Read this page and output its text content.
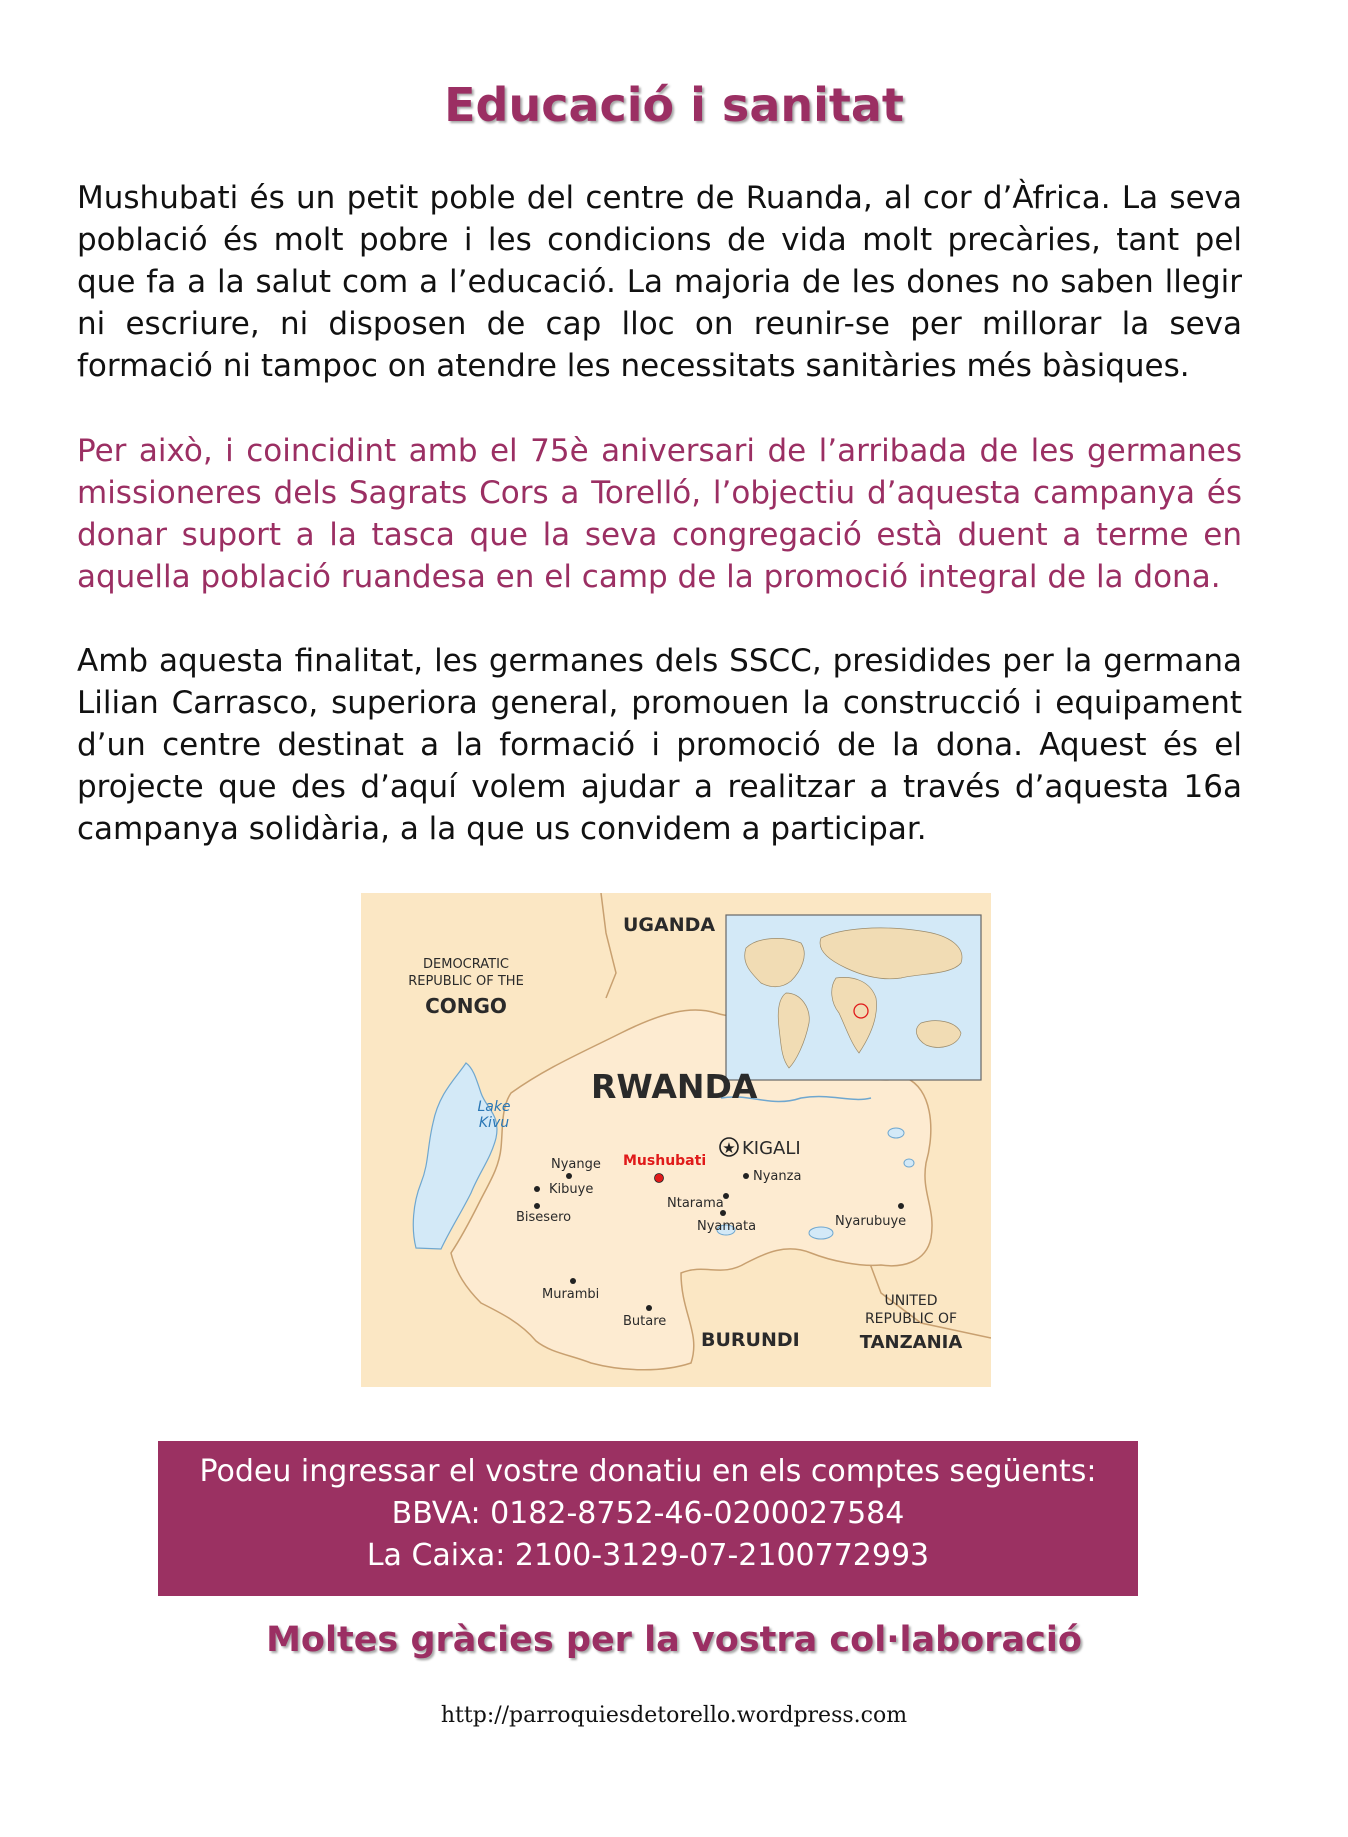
Educació i sanitat

Mushubati és un petit poble del centre de Ruanda, al cor d’Àfrica. La seva població és molt pobre i les condicions de vida molt precàries, tant pel que fa a la salut com a l’educació. La majoria de les dones no saben llegir ni escriure, ni disposen de cap lloc on reunir-se per millorar la seva formació ni tampoc on atendre les necessitats sanitàries més bàsiques.

Per això, i coincidint amb el 75è aniversari de l’arribada de les germanes missioneres dels Sagrats Cors a Torelló, l’objectiu d’aquesta campanya és donar suport a la tasca que la seva congregació està duent a terme en aquella població ruandesa en el camp de la promoció integral de la dona.

Amb aquesta finalitat, les germanes dels SSCC, presidides per la germana Lilian Carrasco, superiora general, promouen la construcció i equipament d’un centre destinat a la formació i promoció de la dona. Aquest és el projecte que des d’aquí volem ajudar a realitzar a través d’aquesta 16a campanya solidària, a la que us convidem a participar.

UGANDA
DEMOCRATIC
REPUBLIC OF THE
CONGO
RWANDA
BURUNDI
UNITED
REPUBLIC OF
TANZANIA
Lake
Kivu
★ KIGALI
Mushubati
Nyange
Kibuye
Bisesero
Nyanza
Ntarama
Nyamata	Nyarubuye
Murambi
Butare
Podeu ingressar el vostre donatiu en els comptes següents:
BBVA: 0182-8752-46-0200027584
La Caixa: 2100-3129-07-2100772993

Moltes gràcies per la vostra col·laboració

http://parroquiesdetorello.wordpress.com
